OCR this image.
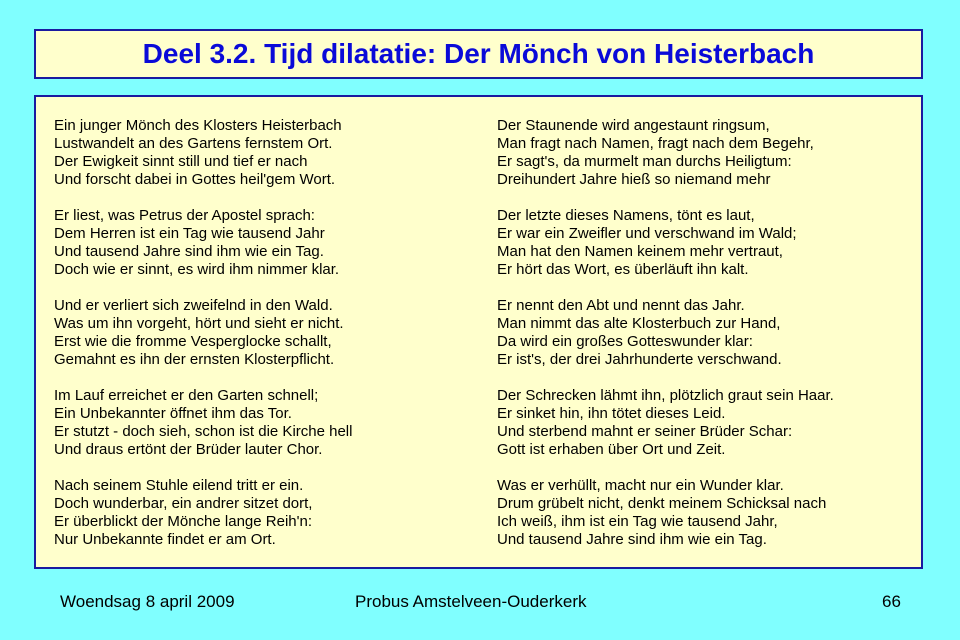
Deel 3.2. Tijd dilatatie: Der Mönch von Heisterbach
Ein junger Mönch des Klosters Heisterbach
Lustwandelt an des Gartens fernstem Ort.
Der Ewigkeit sinnt still und tief er nach
Und forscht dabei in Gottes heil'gem Wort.
Er liest, was Petrus der Apostel sprach:
Dem Herren ist ein Tag wie tausend Jahr
Und tausend Jahre sind ihm wie ein Tag.
Doch wie er sinnt, es wird ihm nimmer klar.
Und er verliert sich zweifelnd in den Wald.
Was um ihn vorgeht, hört und sieht er nicht.
Erst wie die fromme Vesperglocke schallt,
Gemahnt es ihn der ernsten Klosterpflicht.
Im Lauf erreichet er den Garten schnell;
Ein Unbekannter öffnet ihm das Tor.
Er stutzt - doch sieh, schon ist die Kirche hell
Und draus ertönt der Brüder lauter Chor.
Nach seinem Stuhle eilend tritt er ein.
Doch wunderbar, ein andrer sitzet dort,
Er überblickt der Mönche lange Reih'n:
Nur Unbekannte findet er am Ort.
Der Staunende wird angestaunt ringsum,
Man fragt nach Namen, fragt nach dem Begehr,
Er sagt's, da murmelt man durchs Heiligtum:
Dreihundert Jahre hieß so niemand mehr
Der letzte dieses Namens, tönt es laut,
Er war ein Zweifler und verschwand im Wald;
Man hat den Namen keinem mehr vertraut,
Er hört das Wort, es überläuft ihn kalt.
Er nennt den Abt und nennt das Jahr.
Man nimmt das alte Klosterbuch zur Hand,
Da wird ein großes Gotteswunder klar:
Er ist's, der drei Jahrhunderte verschwand.
Der Schrecken lähmt ihn, plötzlich graut sein Haar.
Er sinket hin, ihn tötet dieses Leid.
Und sterbend mahnt er seiner Brüder Schar:
Gott ist erhaben über Ort und Zeit.
Was er verhüllt, macht nur ein Wunder klar.
Drum grübelt nicht, denkt meinem Schicksal nach
Ich weiß, ihm ist ein Tag wie tausend Jahr,
Und tausend Jahre sind ihm wie ein Tag.
Woendsag 8 april 2009	Probus Amstelveen-Ouderkerk	66
